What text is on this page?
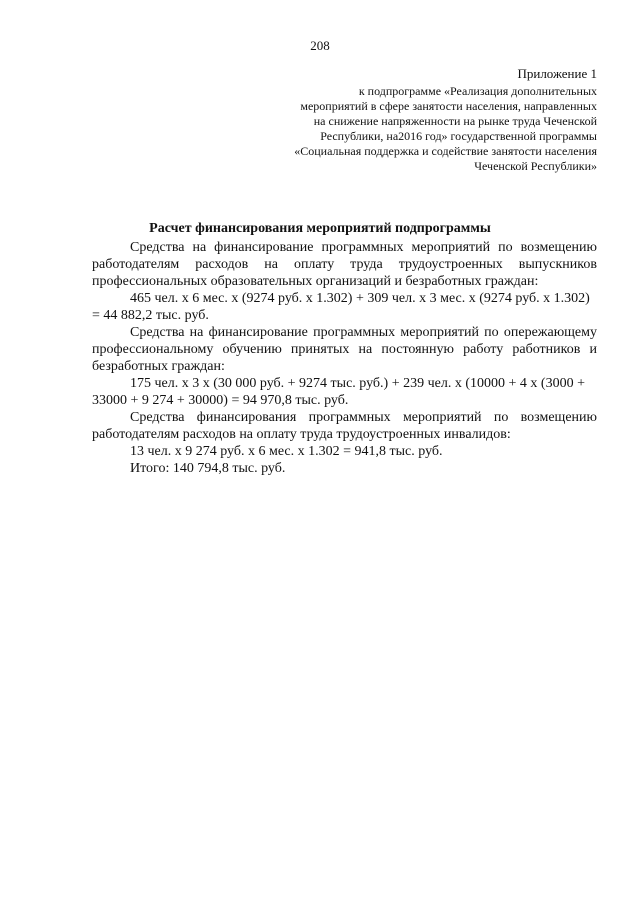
208
Приложение 1
к подпрограмме «Реализация дополнительных
мероприятий в сфере занятости населения, направленных
на снижение напряженности на рынке труда Чеченской
Республики, на2016 год» государственной программы
«Социальная поддержка и содействие занятости населения
Чеченской Республики»
Расчет финансирования мероприятий подпрограммы

Средства на финансирование программных мероприятий по возмещению работодателям расходов на оплату труда трудоустроенных выпускников профессиональных образовательных организаций и безработных граждан:

465 чел. х 6 мес. х (9274 руб. х 1.302) + 309 чел. х 3 мес. х (9274 руб. х 1.302) = 44 882,2 тыс. руб.

Средства на финансирование программных мероприятий по опережающему профессиональному обучению принятых на постоянную работу работников и безработных граждан:

175 чел. х 3 х (30 000 руб. + 9274 тыс. руб.) + 239 чел. х (10000 + 4 х (3000 + 33000 + 9 274 + 30000) = 94 970,8 тыс. руб.

Средства финансирования программных мероприятий по возмещению работодателям расходов на оплату труда трудоустроенных инвалидов:

13 чел. х 9 274 руб. х 6 мес. х 1.302 = 941,8 тыс. руб.

Итого: 140 794,8 тыс. руб.
